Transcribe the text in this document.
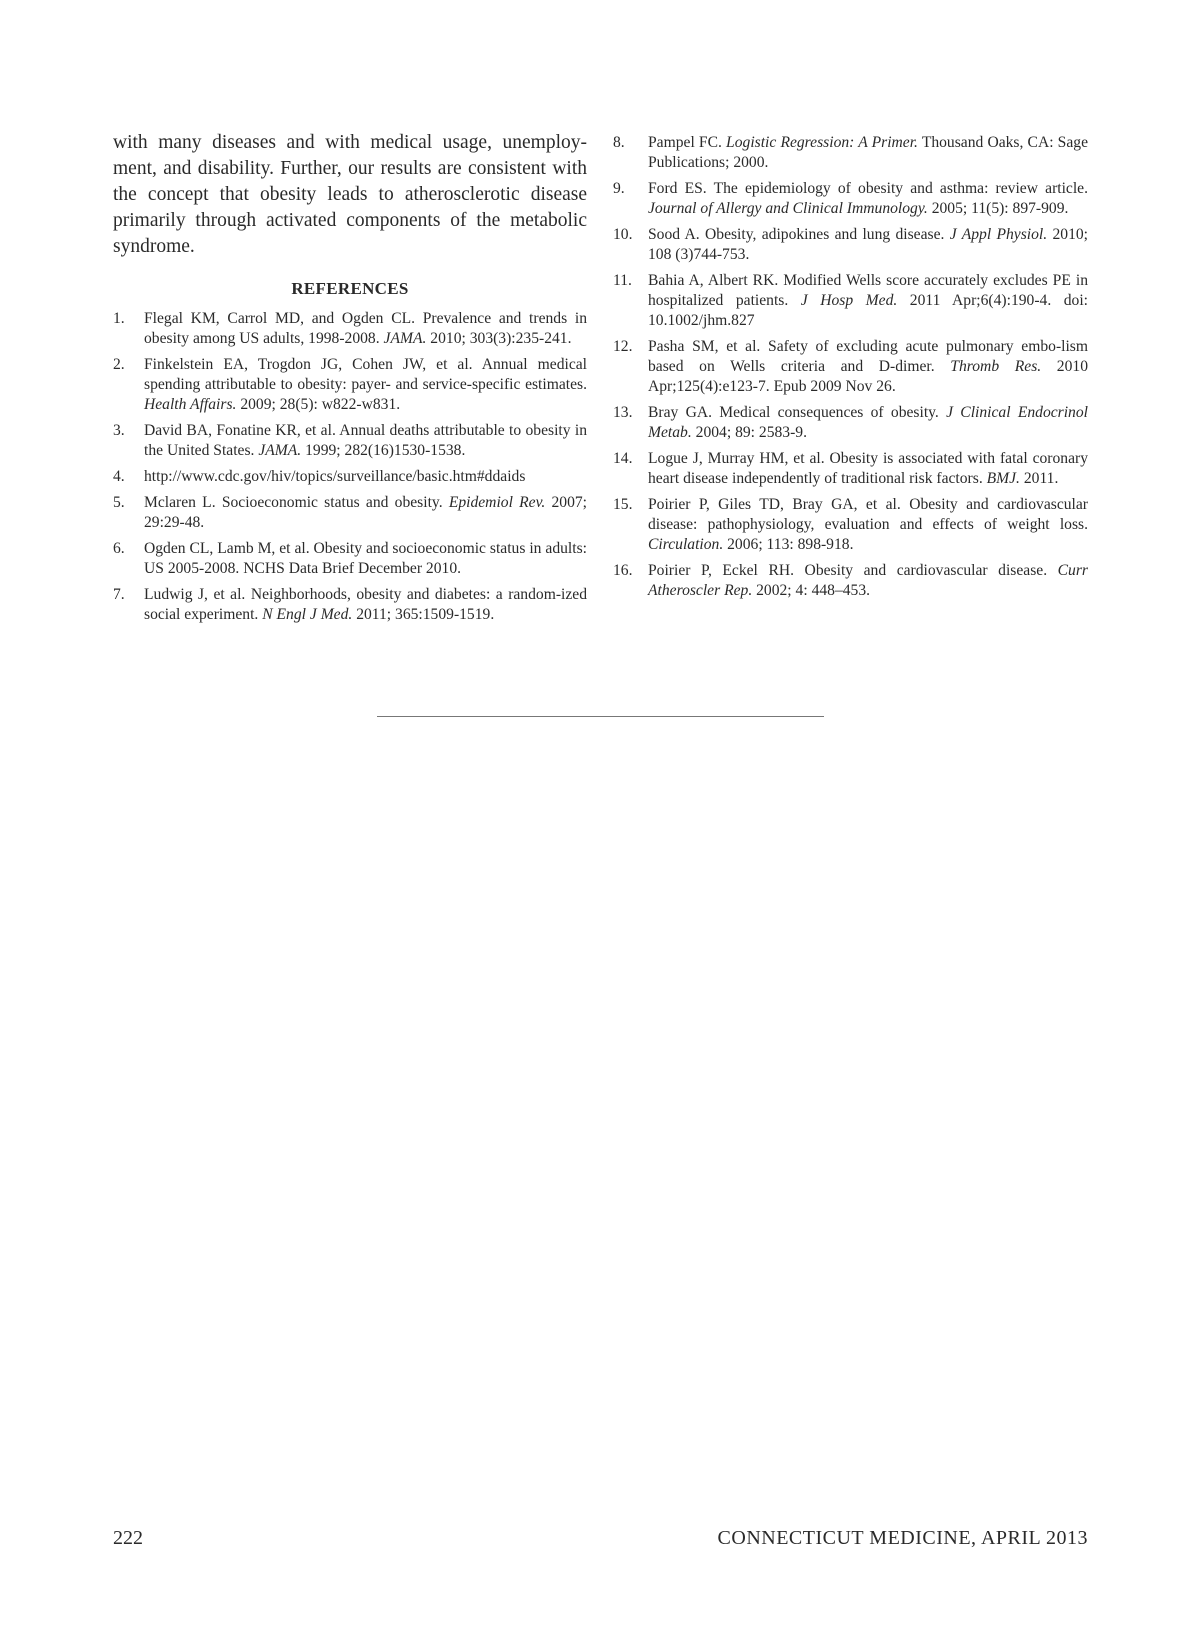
with many diseases and with medical usage, unemploy-ment, and disability. Further, our results are consistent with the concept that obesity leads to atherosclerotic disease primarily through activated components of the metabolic syndrome.

REFERENCES
1.	Flegal KM, Carrol MD, and Ogden CL. Prevalence and trends in obesity among US adults, 1998-2008. JAMA. 2010; 303(3):235-241.
2.	Finkelstein EA, Trogdon JG, Cohen JW, et al. Annual medical spending attributable to obesity: payer- and service-specific estimates. Health Affairs. 2009; 28(5): w822-w831.
3.	David BA, Fonatine KR, et al. Annual deaths attributable to obesity in the United States. JAMA. 1999; 282(16)1530-1538.
4.	http://www.cdc.gov/hiv/topics/surveillance/basic.htm#ddaids
5.	Mclaren L. Socioeconomic status and obesity. Epidemiol Rev. 2007; 29:29-48.
6.	Ogden CL, Lamb M, et al. Obesity and socioeconomic status in adults: US 2005-2008. NCHS Data Brief December 2010.
7.	Ludwig J, et al. Neighborhoods, obesity and diabetes: a random-ized social experiment. N Engl J Med. 2011; 365:1509-1519.
8.	Pampel FC. Logistic Regression: A Primer. Thousand Oaks, CA: Sage Publications; 2000.
9.	Ford ES. The epidemiology of obesity and asthma: review article. Journal of Allergy and Clinical Immunology. 2005; 11(5): 897-909.
10. Sood A. Obesity, adipokines and lung disease. J Appl Physiol. 2010; 108 (3)744-753.
11.	Bahia A, Albert RK. Modified Wells score accurately excludes PE in hospitalized patients. J Hosp Med. 2011 Apr;6(4):190-4. doi: 10.1002/jhm.827
12. Pasha SM, et al. Safety of excluding acute pulmonary embo-lism based on Wells criteria and D-dimer. Thromb Res. 2010 Apr;125(4):e123-7. Epub 2009 Nov 26.
13. Bray GA. Medical consequences of obesity. J Clinical Endocrinol Metab. 2004; 89: 2583-9.
14. Logue J, Murray HM, et al. Obesity is associated with fatal coronary heart disease independently of traditional risk factors. BMJ. 2011.
15. Poirier P, Giles TD, Bray GA, et al. Obesity and cardiovascular disease: pathophysiology, evaluation and effects of weight loss. Circulation. 2006; 113: 898-918.
16. Poirier P, Eckel RH. Obesity and cardiovascular disease. Curr Atheroscler Rep. 2002; 4: 448–453.
222	CONNECTICUT MEDICINE, APRIL 2013
